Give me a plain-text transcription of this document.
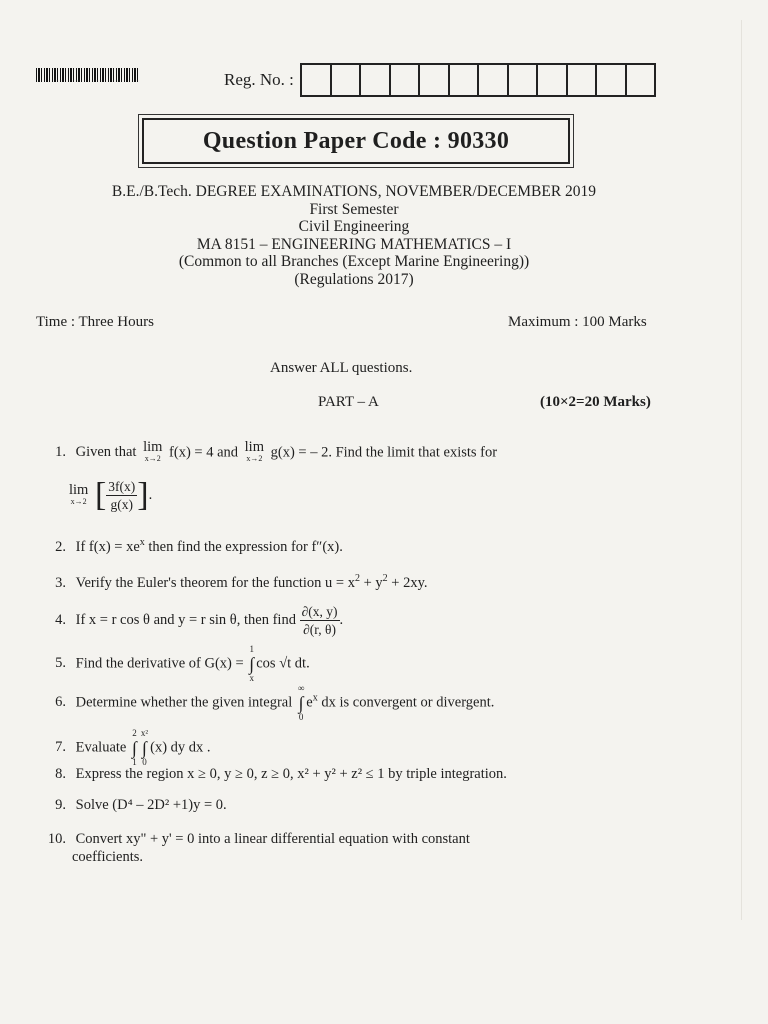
Reg. No. :
Question Paper Code : 90330
B.E./B.Tech. DEGREE EXAMINATIONS, NOVEMBER/DECEMBER 2019
First Semester
Civil Engineering
MA 8151 – ENGINEERING MATHEMATICS – I
(Common to all Branches (Except Marine Engineering))
(Regulations 2017)
Time : Three Hours	Maximum : 100 Marks
Answer ALL questions.
PART – A	(10×2=20 Marks)
1. Given that lim
x→2 f(x) = 4 and lim
x→2 g(x) = – 2. Find the limit that exists for
lim
x→2 [ $\frac{3f(x)}{g(x)}$ ].
2. If $f(x) = xe^x$ then find the expression for f″(x).
3. Verify the Euler's theorem for the function $u = x^2 + y^2 + 2xy$.
4. If x = r cos θ and y = r sin θ, then find $\frac{\partial(x, y)}{\partial(r, \theta)}$ .
5. Find the derivative of G(x) =
1
∫
x
cos √t dt.
6. Determine whether the given integral
∞
∫
0
$e^x$ dx is convergent or divergent.
7. Evaluate
2
∫
1
x²
∫
0
(x) dy dx .
8. Express the region x ≥ 0, y ≥ 0, z ≥ 0, x² + y² + z² ≤ 1 by triple integration.
9. Solve (D⁴ – 2D² +1)y = 0.
10. Convert xy" + y' = 0 into a linear differential equation with constant
coefficients.
